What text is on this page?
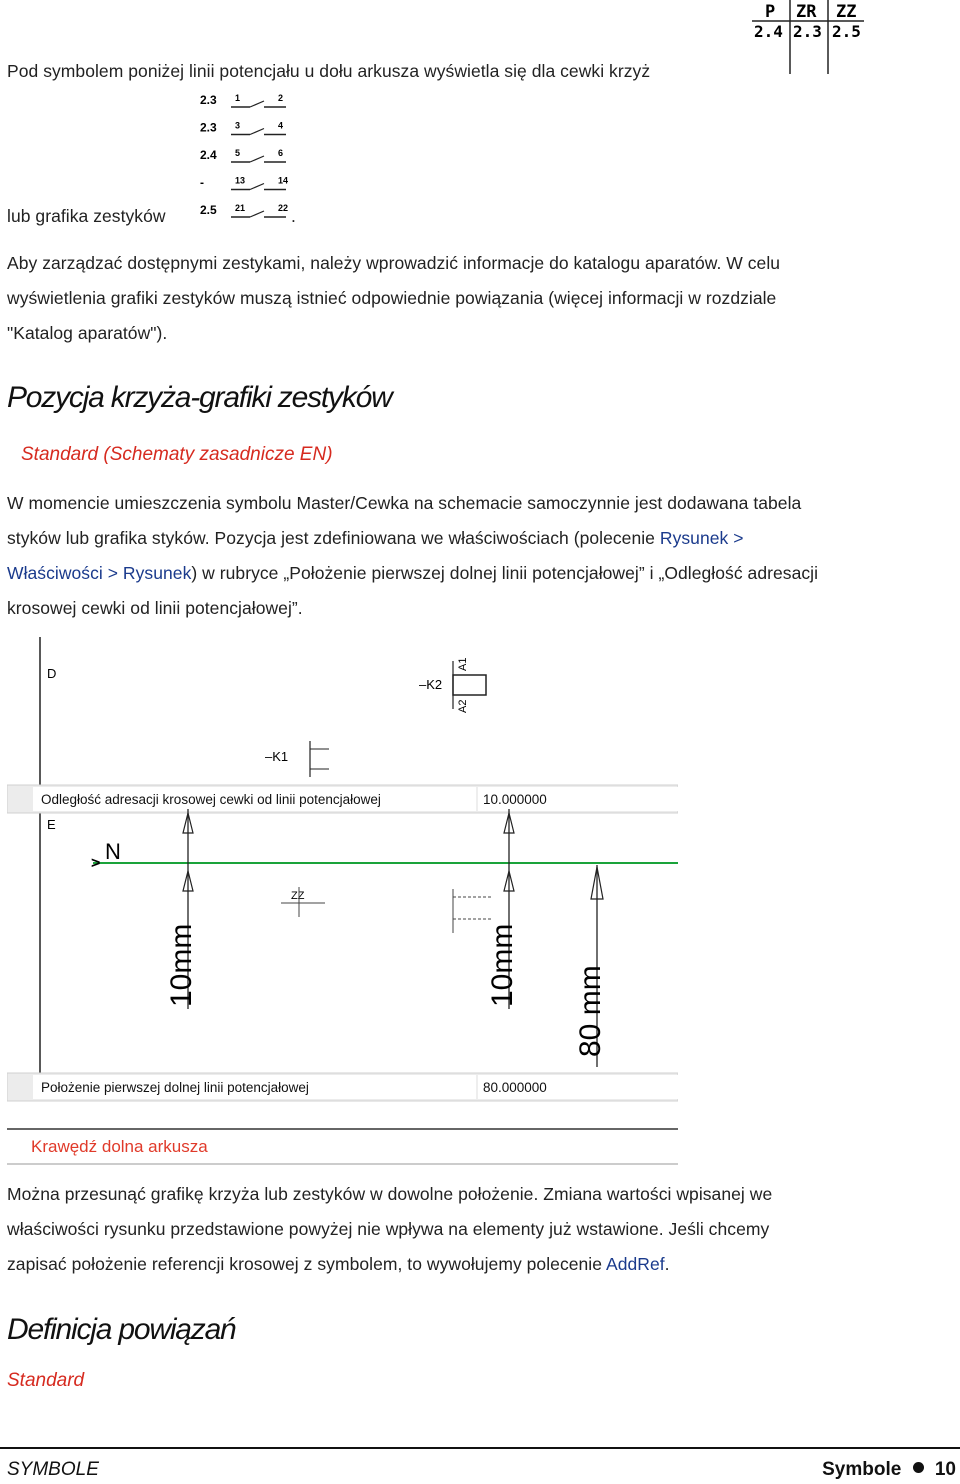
P ZR ZZ
2.4 2.3 2.5
Pod symbolem poniżej linii potencjału u dołu arkusza wyświetla się dla cewki krzyż
2.3 1	2
2.3 3	4
2.4 5	6
-	13	14
2.5 21	22
lub grafika zestyków	.
Aby zarządzać dostępnymi zestykami, należy wprowadzić informacje do katalogu aparatów. W celu
wyświetlenia grafiki zestyków muszą istnieć odpowiednie powiązania (więcej informacji w rozdziale
"Katalog aparatów").
Pozycja krzyża-grafiki zestyków
Standard (Schematy zasadnicze EN)
W momencie umieszczenia symbolu Master/Cewka na schemacie samoczynnie jest dodawana tabela
styków lub grafika styków. Pozycja jest zdefiniowana we właściwościach (polecenie Rysunek >
Właściwości > Rysunek) w rubryce „Położenie pierwszej dolnej linii potencjałowej” i „Odległość adresacji
krosowej cewki od linii potencjałowej”.
D
E
–K2
A1
A2
–K1
Odległość adresacji krosowej cewki od linii potencjałowej	10.000000
> N
10mm	10mm 80 mm
ZZ
Położenie pierwszej dolnej linii potencjałowej	80.000000
Krawędź dolna arkusza
Można przesunąć grafikę krzyża lub zestyków w dowolne położenie. Zmiana wartości wpisanej we
właściwości rysunku przedstawione powyżej nie wpływa na elementy już wstawione. Jeśli chcemy
zapisać położenie referencji krosowej z symbolem, to wywołujemy polecenie AddRef.
Definicja powiązań
Standard
SYMBOLE	Symbole 10
